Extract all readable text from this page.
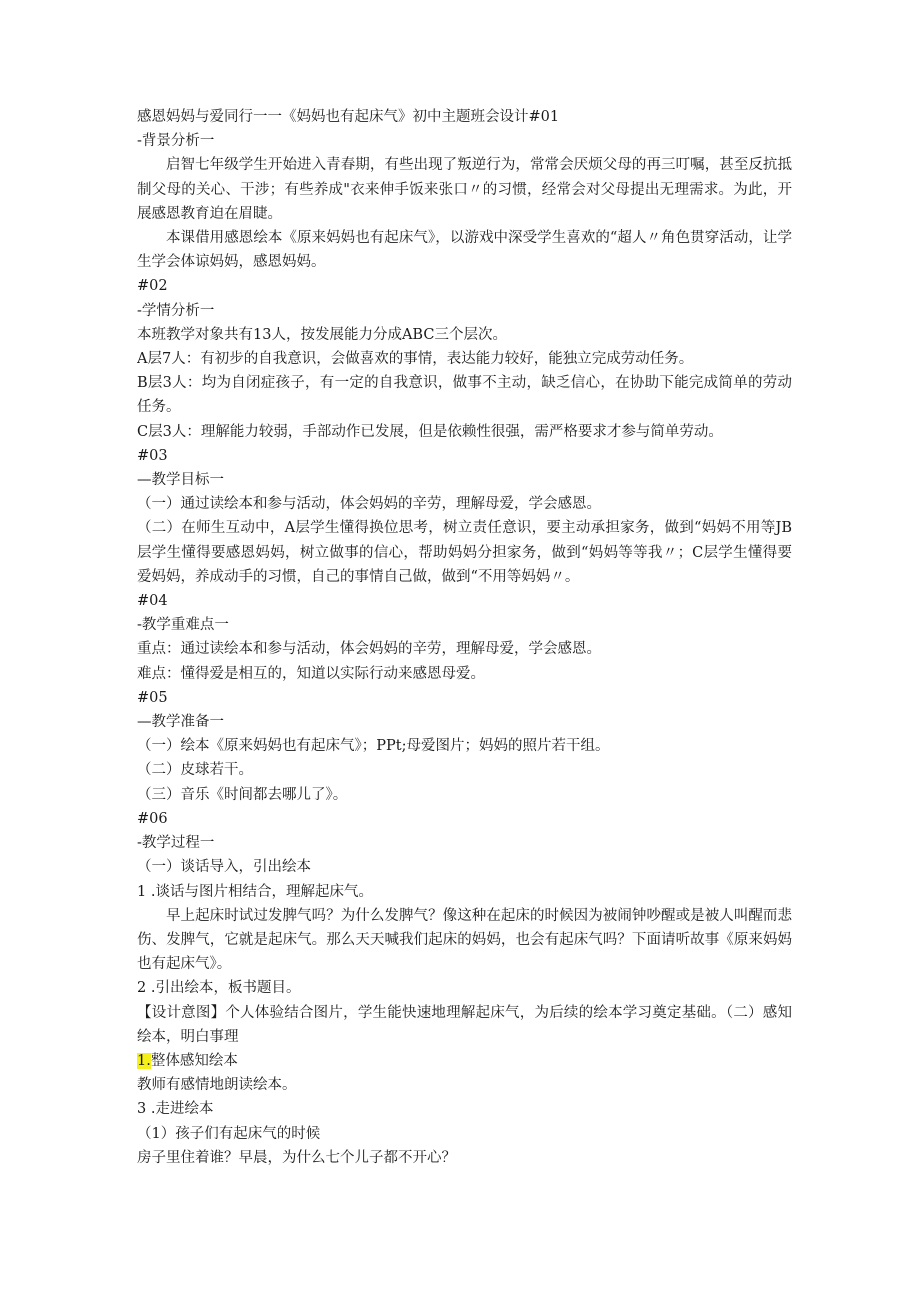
感恩妈妈与爱同行一一《妈妈也有起床气》初中主题班会设计#01
-背景分析一
启智七年级学生开始进入青春期，有些出现了叛逆行为，常常会厌烦父母的再三叮嘱，甚至反抗抵制父母的关心、干涉；有些养成"衣来伸手饭来张口〃的习惯，经常会对父母提出无理需求。为此，开展感恩教育迫在眉睫。
本课借用感恩绘本《原来妈妈也有起床气》，以游戏中深受学生喜欢的“超人〃角色贯穿活动，让学生学会体谅妈妈，感恩妈妈。
#02
-学情分析一
本班教学对象共有13人，按发展能力分成ABC三个层次。
A层7人：有初步的自我意识，会做喜欢的事情，表达能力较好，能独立完成劳动任务。
B层3人：均为自闭症孩子，有一定的自我意识，做事不主动，缺乏信心，在协助下能完成简单的劳动任务。
C层3人：理解能力较弱，手部动作已发展，但是依赖性很强，需严格要求才参与简单劳动。
#03
—教学目标一
（一）通过读绘本和参与活动，体会妈妈的辛劳，理解母爱，学会感恩。
（二）在师生互动中，A层学生懂得换位思考，树立责任意识，要主动承担家务，做到“妈妈不用等JB层学生懂得要感恩妈妈，树立做事的信心，帮助妈妈分担家务，做到“妈妈等等我〃；C层学生懂得要爱妈妈，养成动手的习惯，自己的事情自己做，做到“不用等妈妈〃。
#04
-教学重难点一
重点：通过读绘本和参与活动，体会妈妈的辛劳，理解母爱，学会感恩。
难点：懂得爱是相互的，知道以实际行动来感恩母爱。
#05
—教学准备一
（一）绘本《原来妈妈也有起床气》；PPt;母爱图片；妈妈的照片若干组。
（二）皮球若干。
（三）音乐《时间都去哪儿了》。
#06
-教学过程一
（一）谈话导入，引出绘本
1 .谈话与图片相结合，理解起床气。
早上起床时试过发脾气吗？为什么发脾气？像这种在起床的时候因为被闹钟吵醒或是被人叫醒而悲伤、发脾气，它就是起床气。那么天天喊我们起床的妈妈，也会有起床气吗？下面请听故事《原来妈妈也有起床气》。
2 .引出绘本，板书题目。
【设计意图】个人体验结合图片，学生能快速地理解起床气，为后续的绘本学习奠定基础。（二）感知绘本，明白事理
1.整体感知绘本
教师有感情地朗读绘本。
3 .走进绘本
（1）孩子们有起床气的时候
房子里住着谁？早晨，为什么七个儿子都不开心？
